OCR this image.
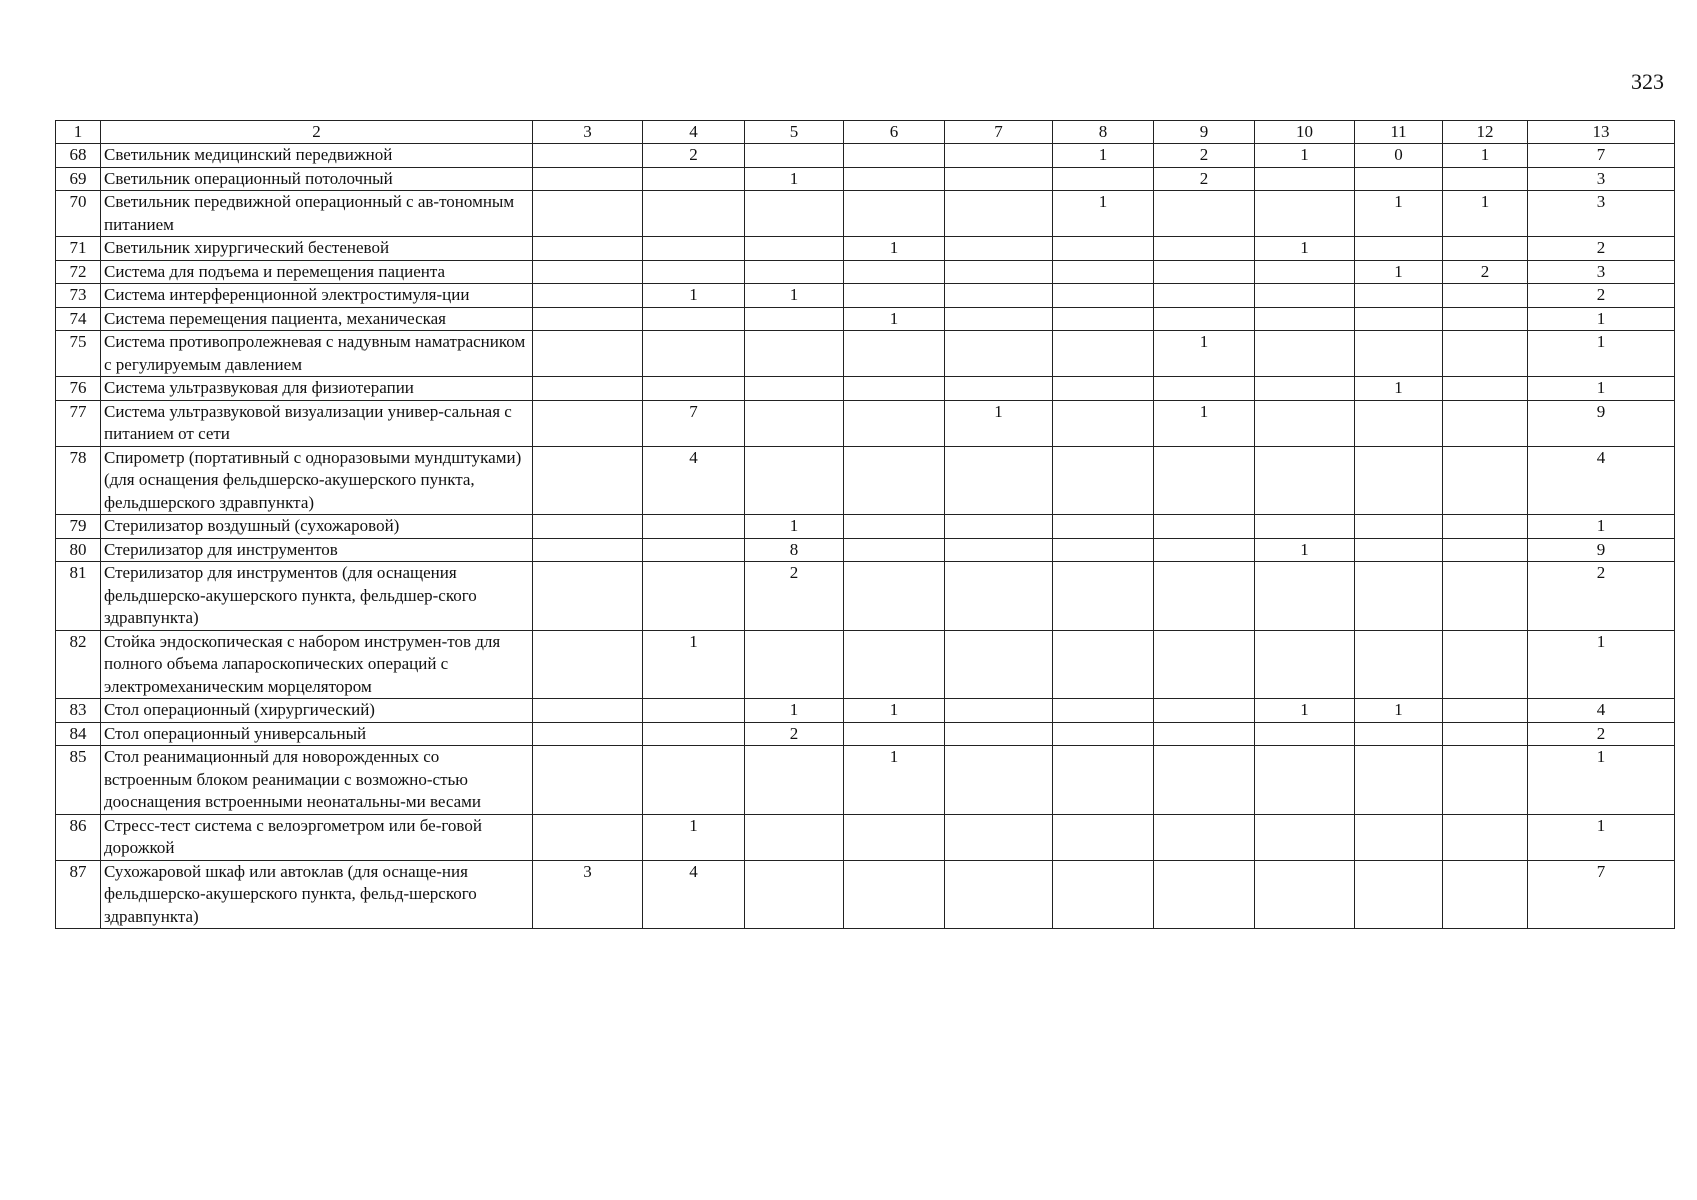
323
1	2	3	4	5	6	7	8	9	10	11	12	13
68	Светильник медицинский передвижной		2				1	2	1	0	1	7
69	Светильник операционный потолочный			1				2				3
70	Светильник передвижной операционный с ав-тономным питанием						1			1	1	3
71	Светильник хирургический бестеневой				1				1			2
72	Система для подъема и перемещения пациента									1	2	3
73	Система интерференционной электростимуля-ции		1	1								2
74	Система перемещения пациента, механическая				1							1
75	Система противопролежневая с надувным наматрасником с регулируемым давлением							1				1
76	Система ультразвуковая для физиотерапии									1		1
77	Система ультразвуковой визуализации универ-сальная с питанием от сети		7			1		1				9
78	Спирометр (портативный с одноразовыми мундштуками) (для оснащения фельдшерско-акушерского пункта, фельдшерского здравпункта)		4									4
79	Стерилизатор воздушный (сухожаровой)			1								1
80	Стерилизатор для инструментов			8					1			9
81	Стерилизатор для инструментов (для оснащения фельдшерско-акушерского пункта, фельдшер-ского здравпункта)			2								2
82	Стойка эндоскопическая с набором инструмен-тов для полного объема лапароскопических операций с электромеханическим морцелятором		1									1
83	Стол операционный (хирургический)			1	1				1	1		4
84	Стол операционный универсальный			2								2
85	Стол реанимационный для новорожденных со встроенным блоком реанимации с возможно-стью дооснащения встроенными неонатальны-ми весами				1							1
86	Стресс-тест система с велоэргометром или бе-говой дорожкой		1									1
87	Сухожаровой шкаф или автоклав (для оснаще-ния фельдшерско-акушерского пункта, фельд-шерского здравпункта)	3	4									7
